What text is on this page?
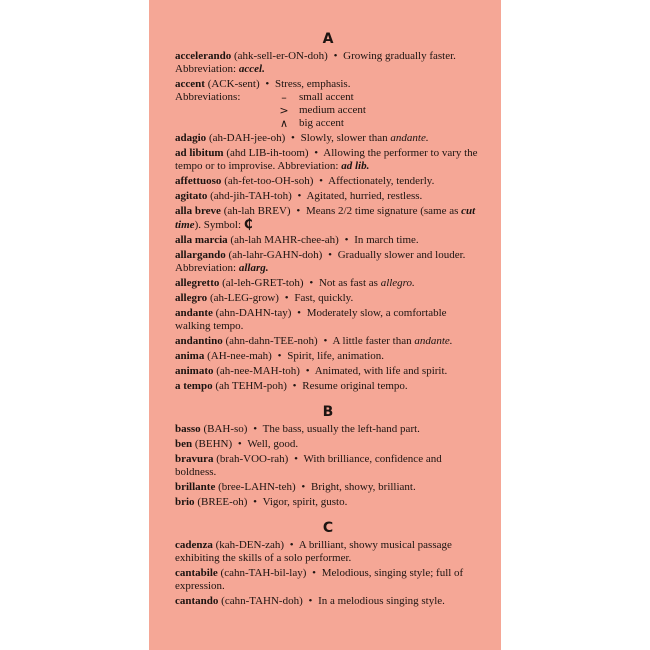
A
accelerando (ahk-sell-er-ON-doh) • Growing gradually faster. Abbreviation: accel.
accent (ACK-sent) • Stress, emphasis.
Abbreviations:	–	small accent
> medium accent
∧ big accent
adagio (ah-DAH-jee-oh) • Slowly, slower than andante.
ad libitum (ahd LIB-ih-toom) • Allowing the performer to vary the tempo or to improvise. Abbreviation: ad lib.
affettuoso (ah-fet-too-OH-soh) • Affectionately, tenderly.
agitato (ahd-jih-TAH-toh) • Agitated, hurried, restless.
alla breve (ah-lah BREV) • Means 2/2 time signature (same as cut time). Symbol: ₵
alla marcia (ah-lah MAHR-chee-ah) • In march time.
allargando (ah-lahr-GAHN-doh) • Gradually slower and louder. Abbreviation: allarg.
allegretto (al-leh-GRET-toh) • Not as fast as allegro.
allegro (ah-LEG-grow) • Fast, quickly.
andante (ahn-DAHN-tay) • Moderately slow, a comfortable walking tempo.
andantino (ahn-dahn-TEE-noh) • A little faster than andante.
anima (AH-nee-mah) • Spirit, life, animation.
animato (ah-nee-MAH-toh) • Animated, with life and spirit.
a tempo (ah TEHM-poh) • Resume original tempo.
B
basso (BAH-so) • The bass, usually the left-hand part.
ben (BEHN) • Well, good.
bravura (brah-VOO-rah) • With brilliance, confidence and boldness.
brillante (bree-LAHN-teh) • Bright, showy, brilliant.
brio (BREE-oh) • Vigor, spirit, gusto.
C
cadenza (kah-DEN-zah) • A brilliant, showy musical passage exhibiting the skills of a solo performer.
cantabile (cahn-TAH-bil-lay) • Melodious, singing style; full of expression.
cantando (cahn-TAHN-doh) • In a melodious singing style.
